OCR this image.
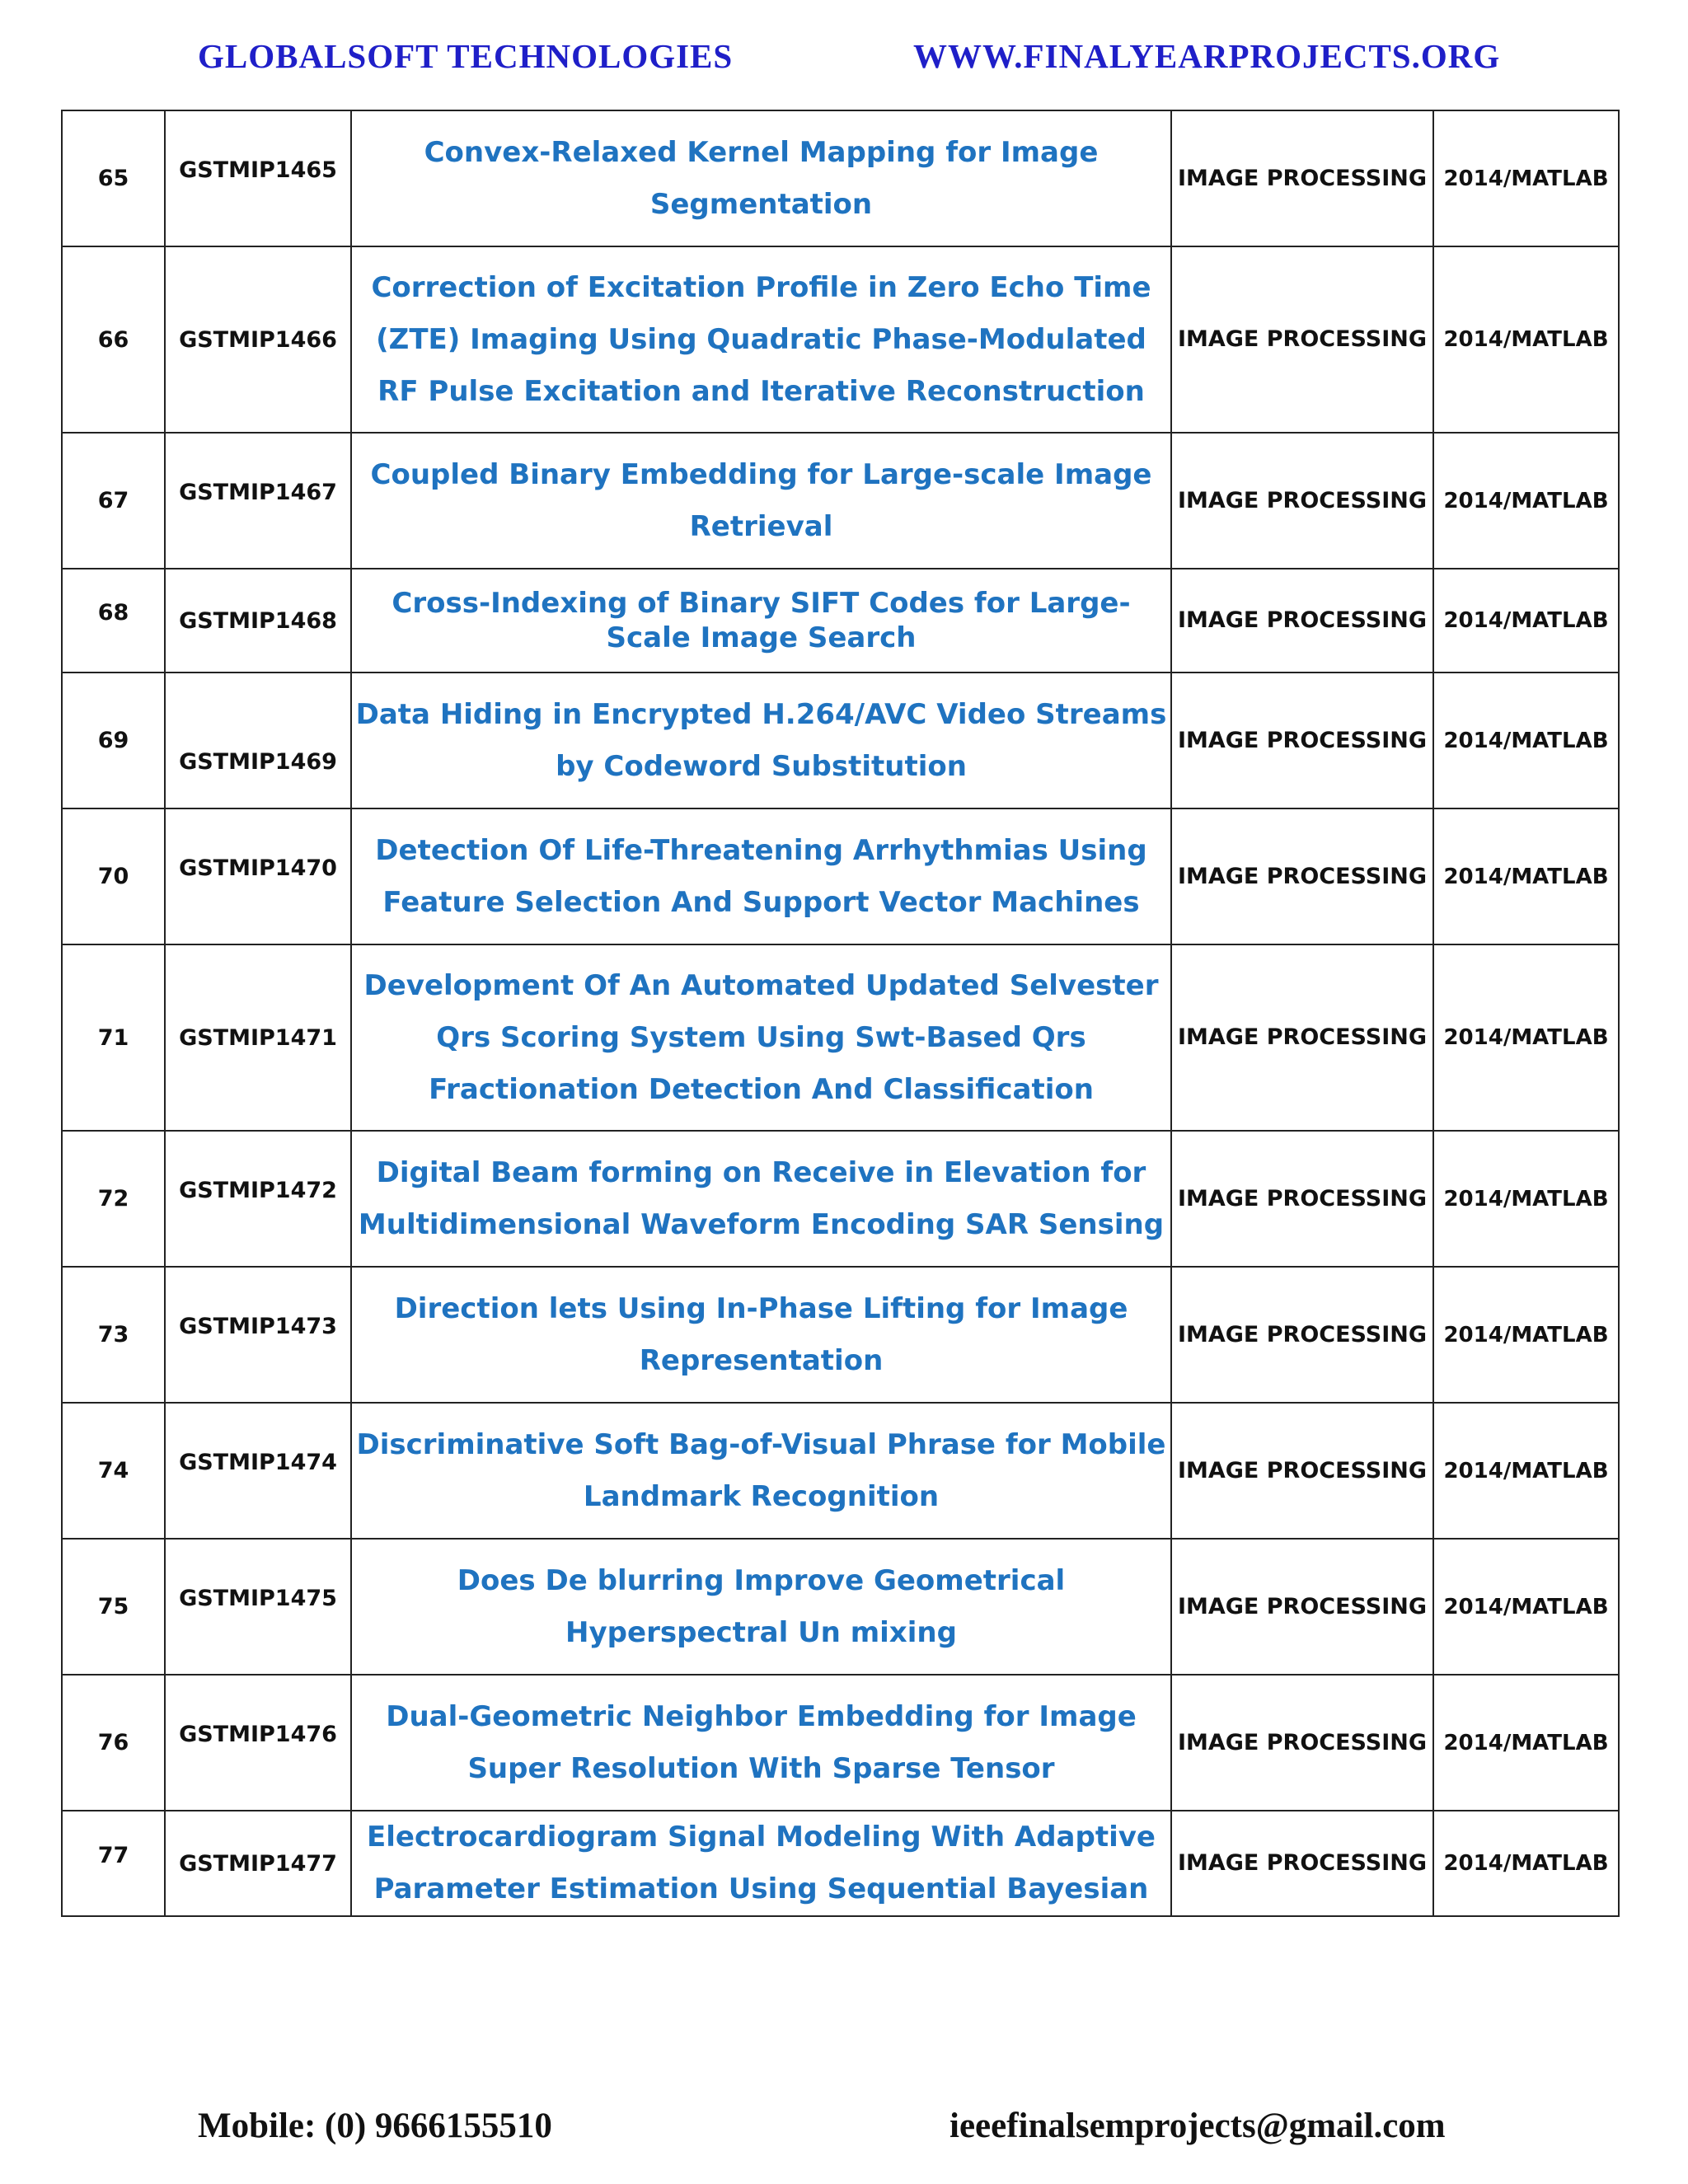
GLOBALSOFT TECHNOLOGIES	WWW.FINALYEARPROJECTS.ORG
65	GSTMIP1465	Convex-Relaxed Kernel Mapping for Image Segmentation	IMAGE PROCESSING	2014/MATLAB
66	GSTMIP1466	Correction of Excitation Profile in Zero Echo Time (ZTE) Imaging Using Quadratic Phase-Modulated RF Pulse Excitation and Iterative Reconstruction	IMAGE PROCESSING	2014/MATLAB
67	GSTMIP1467	Coupled Binary Embedding for Large-scale Image Retrieval	IMAGE PROCESSING	2014/MATLAB
68	GSTMIP1468	Cross-Indexing of Binary SIFT Codes for Large-Scale Image Search	IMAGE PROCESSING	2014/MATLAB
69	GSTMIP1469	Data Hiding in Encrypted H.264/AVC Video Streams by Codeword Substitution	IMAGE PROCESSING	2014/MATLAB
70	GSTMIP1470	Detection Of Life-Threatening Arrhythmias Using Feature Selection And Support Vector Machines	IMAGE PROCESSING	2014/MATLAB
71	GSTMIP1471	Development Of An Automated Updated Selvester Qrs Scoring System Using Swt-Based Qrs Fractionation Detection And Classification	IMAGE PROCESSING	2014/MATLAB
72	GSTMIP1472	Digital Beam forming on Receive in Elevation for Multidimensional Waveform Encoding SAR Sensing	IMAGE PROCESSING	2014/MATLAB
73	GSTMIP1473	Direction lets Using In-Phase Lifting for Image Representation	IMAGE PROCESSING	2014/MATLAB
74	GSTMIP1474	Discriminative Soft Bag-of-Visual Phrase for Mobile Landmark Recognition	IMAGE PROCESSING	2014/MATLAB
75	GSTMIP1475	Does De blurring Improve Geometrical Hyperspectral Un mixing	IMAGE PROCESSING	2014/MATLAB
76	GSTMIP1476	Dual-Geometric Neighbor Embedding for Image Super Resolution With Sparse Tensor	IMAGE PROCESSING	2014/MATLAB
77	GSTMIP1477	Electrocardiogram Signal Modeling With Adaptive Parameter Estimation Using Sequential Bayesian	IMAGE PROCESSING	2014/MATLAB
Mobile: (0) 9666155510	ieeefinalsemprojects@gmail.com
